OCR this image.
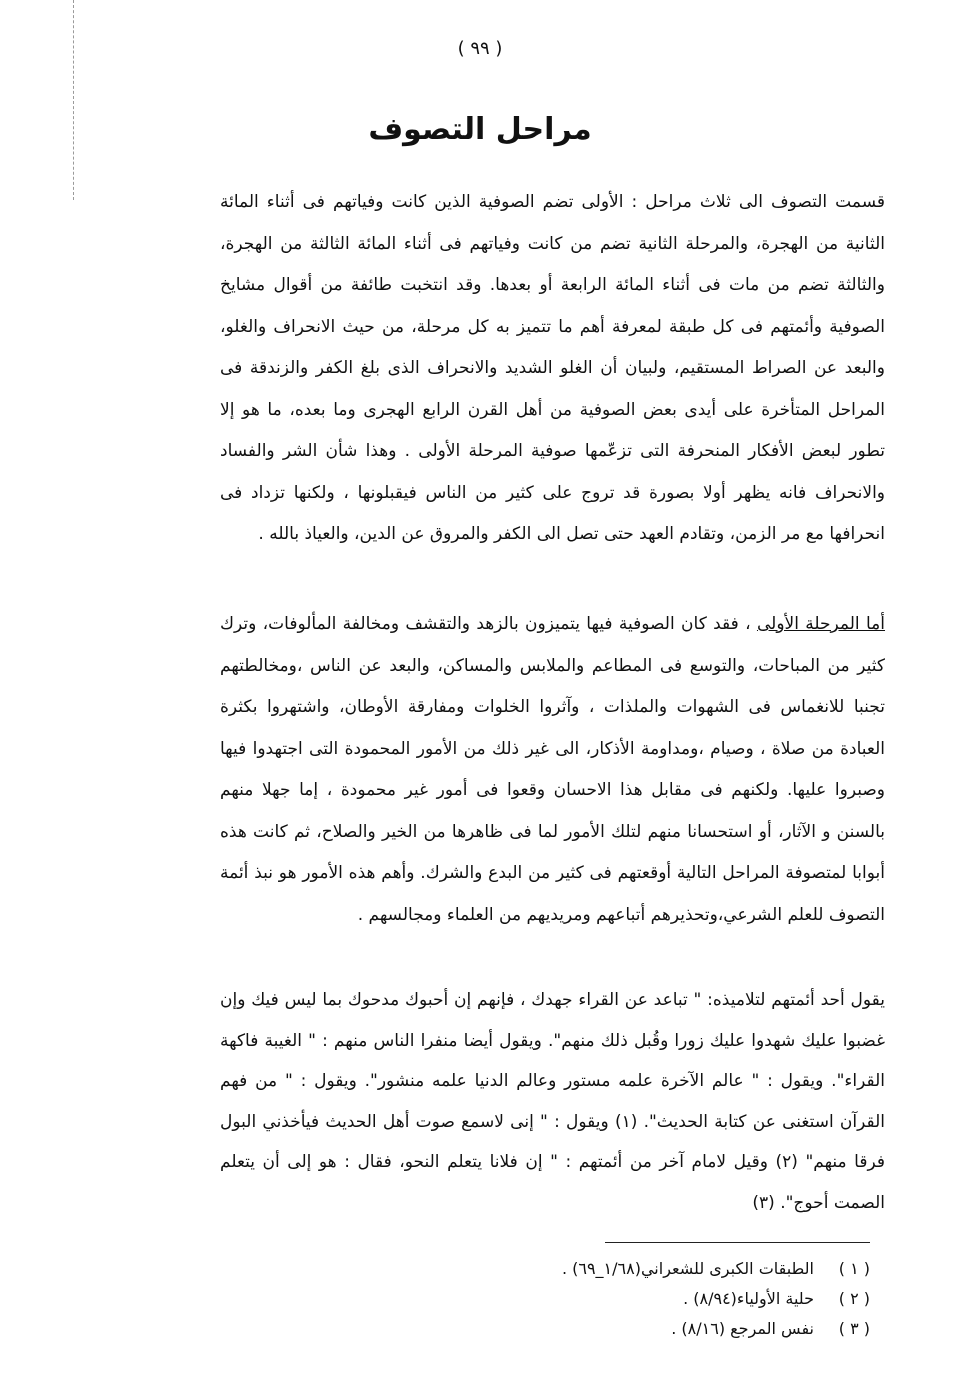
( ٩٩ )
مراحل التصوف

قسمت التصوف الى ثلاث مراحل : الأولى تضم الصوفية الذين كانت وفياتهم فى أثناء المائة الثانية من الهجرة، والمرحلة الثانية تضم من كانت وفياتهم فى أثناء المائة الثالثة من الهجرة، والثالثة تضم من مات فى أثناء المائة الرابعة أو بعدها. وقد انتخبت طائفة من أقوال مشايخ الصوفية وأئمتهم فى كل طبقة لمعرفة أهم ما تتميز به كل مرحلة، من حيث الانحراف والغلو، والبعد عن الصراط المستقيم، ولبيان أن الغلو الشديد والانحراف الذى بلغ الكفر والزندقة فى المراحل المتأخرة على أيدى بعض الصوفية من أهل القرن الرابع الهجرى وما بعده، ما هو إلا تطور لبعض الأفكار المنحرفة التى تزعّمها صوفية المرحلة الأولى . وهذا شأن الشر والفساد والانحراف فانه يظهر أولا بصورة قد تروج على كثير من الناس فيقبلونها ، ولكنها تزداد فى انحرافها مع مر الزمن، وتقادم العهد حتى تصل الى الكفر والمروق عن الدين، والعياذ بالله .

أما المرحلة الأولى ، فقد كان الصوفية فيها يتميزون بالزهد والتقشف ومخالفة المألوفات، وترك كثير من المباحات، والتوسع فى المطاعم والملابس والمساكن، والبعد عن الناس ،ومخالطتهم تجنبا للانغماس فى الشهوات والملذات ، وآثروا الخلوات ومفارقة الأوطان، واشتهروا بكثرة العبادة من صلاة ، وصيام ،ومداومة الأذكار، الى غير ذلك من الأمور المحمودة التى اجتهدوا فيها وصبروا عليها. ولكنهم فى مقابل هذا الاحسان وقعوا فى أمور غير محمودة ، إما جهلا منهم بالسنن و الآثار، أو استحسانا منهم لتلك الأمور لما فى ظاهرها من الخير والصلاح، ثم كانت هذه أبوابا لمتصوفة المراحل التالية أوقعتهم فى كثير من البدع والشرك. وأهم هذه الأمور هو نبذ أئمة التصوف للعلم الشرعي،وتحذيرهم أتباعهم ومريديهم من العلماء ومجالسهم .

يقول أحد أئمتهم لتلاميذه: " تباعد عن القراء جهدك ، فإنهم إن أحبوك مدحوك بما ليس فيك وإن غضبوا عليك شهدوا عليك زورا وقُبل ذلك منهم". ويقول أيضا منفرا الناس منهم : " الغيبة فاكهة القراء". ويقول : " عالم الآخرة علمه مستور وعالم الدنيا علمه منشور". ويقول : " من فهم القرآن استغنى عن كتابة الحديث". (١) ويقول : " إنى لاسمع صوت أهل الحديث فيأخذني البول فرقا منهم" (٢) وقيل لامام آخر من أئمتهم : " إن فلانا يتعلم النحو، فقال : هو إلى أن يتعلم الصمت أحوج". (٣)

( ١ )
الطبقات الكبرى للشعراني(١/٦٨_٦٩) .
( ٢ )
حلية الأولياء(٨/٩٤) .
( ٣ )
نفس المرجع (٨/١٦) .
